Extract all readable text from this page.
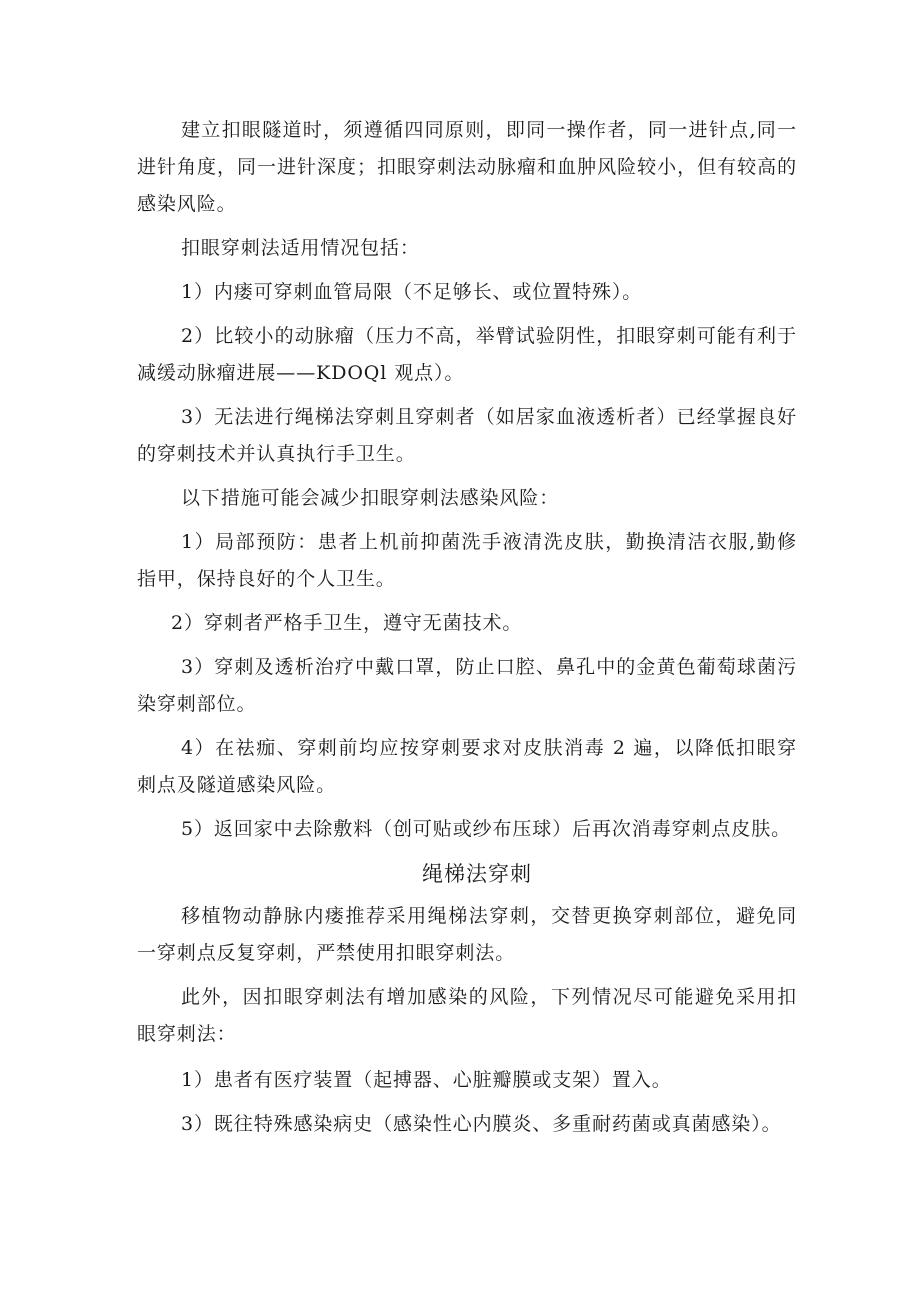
建立扣眼隧道时，须遵循四同原则，即同一操作者，同一进针点,同一进针角度，同一进针深度；扣眼穿刺法动脉瘤和血肿风险较小，但有较高的感染风险。

扣眼穿刺法适用情况包括：

1）内瘘可穿刺血管局限（不足够长、或位置特殊）。

2）比较小的动脉瘤（压力不高，举臂试验阴性，扣眼穿刺可能有利于减缓动脉瘤进展——KDOQl 观点）。

3）无法进行绳梯法穿刺且穿刺者（如居家血液透析者）已经掌握良好的穿刺技术并认真执行手卫生。

以下措施可能会减少扣眼穿刺法感染风险：

1）局部预防：患者上机前抑菌洗手液清洗皮肤，勤换清洁衣服,勤修指甲，保持良好的个人卫生。

2）穿刺者严格手卫生，遵守无菌技术。

3）穿刺及透析治疗中戴口罩，防止口腔、鼻孔中的金黄色葡萄球菌污染穿刺部位。

4）在祛痂、穿刺前均应按穿刺要求对皮肤消毒 2 遍，以降低扣眼穿刺点及隧道感染风险。

5）返回家中去除敷料（创可贴或纱布压球）后再次消毒穿刺点皮肤。

绳梯法穿刺

移植物动静脉内瘘推荐采用绳梯法穿刺，交替更换穿刺部位，避免同一穿刺点反复穿刺，严禁使用扣眼穿刺法。

此外，因扣眼穿刺法有增加感染的风险，下列情况尽可能避免采用扣眼穿刺法：

1）患者有医疗装置（起搏器、心脏瓣膜或支架）置入。

3）既往特殊感染病史（感染性心内膜炎、多重耐药菌或真菌感染）。
